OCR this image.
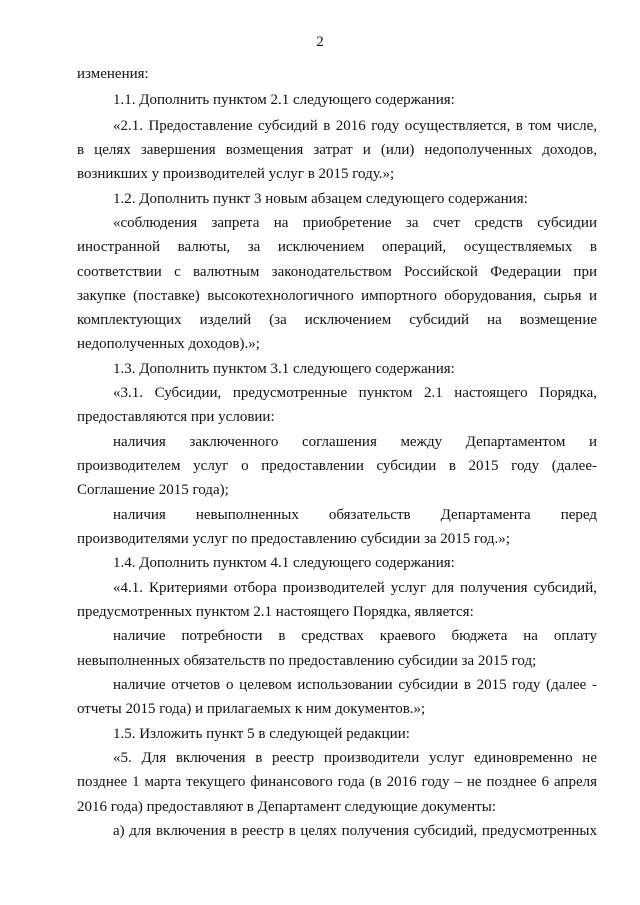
2
изменения:
1.1. Дополнить пунктом 2.1 следующего содержания:
«2.1. Предоставление субсидий в 2016 году осуществляется, в том числе,
в целях завершения возмещения затрат и (или) недополученных доходов,
возникших у производителей услуг в 2015 году.»;
1.2. Дополнить пункт 3 новым абзацем следующего содержания:
«соблюдения запрета на приобретение за счет средств субсидии
иностранной валюты, за исключением операций, осуществляемых в
соответствии с валютным законодательством Российской Федерации при
закупке (поставке) высокотехнологичного импортного оборудования, сырья и
комплектующих изделий (за исключением субсидий на возмещение
недополученных доходов).»;
1.3. Дополнить пунктом 3.1 следующего содержания:
«3.1. Субсидии, предусмотренные пунктом 2.1 настоящего Порядка,
предоставляются при условии:
наличия заключенного соглашения между Департаментом и
производителем услуг о предоставлении субсидии в 2015 году (далее-
Соглашение 2015 года);
наличия невыполненных обязательств Департамента перед
производителями услуг по предоставлению субсидии за 2015 год.»;
1.4. Дополнить пунктом 4.1 следующего содержания:
«4.1. Критериями отбора производителей услуг для получения субсидий,
предусмотренных пунктом 2.1 настоящего Порядка, является:
наличие потребности в средствах краевого бюджета на оплату
невыполненных обязательств по предоставлению субсидии за 2015 год;
наличие отчетов о целевом использовании субсидии в 2015 году (далее -
отчеты 2015 года) и прилагаемых к ним документов.»;
1.5. Изложить пункт 5 в следующей редакции:
«5. Для включения в реестр производители услуг единовременно не
позднее 1 марта текущего финансового года (в 2016 году – не позднее 6 апреля
2016 года) предоставляют в Департамент следующие документы:
а) для включения в реестр в целях получения субсидий, предусмотренных
